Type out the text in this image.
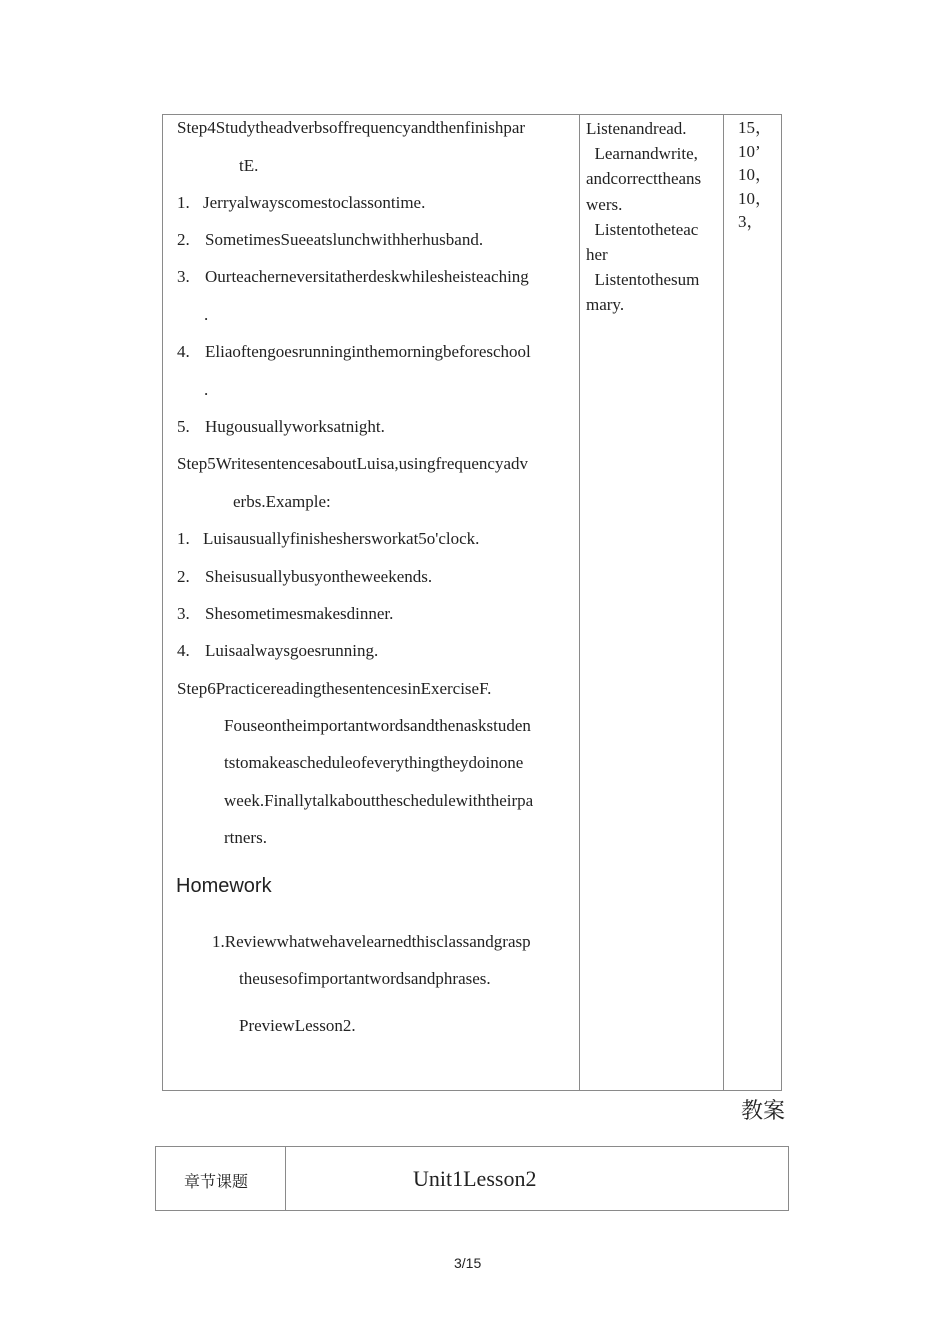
Step4Studytheadverbsoffrequencyandthenfinishpar
tE.
1. Jerryalwayscomestoclassontime.
2. SometimesSueeatslunchwithherhusband.
3. Ourteacherneversitatherdeskwhilesheisteaching
.
4. Eliaoftengoesrunninginthemorningbeforeschool
.
5. Hugousuallyworksatnight.
Step5WritesentencesaboutLuisa,usingfrequencyadv
erbs.Example:
1. Luisausuallyfinisheshersworkat5o'clock.
2. Sheisusuallybusyontheweekends.
3. Shesometimesmakesdinner.
4. Luisaalwaysgoesrunning.
Step6PracticereadingthesentencesinExerciseF.
Fouseontheimportantwordsandthenaskstuden
tstomakeascheduleofeverythingtheydoinone
week.Finallytalkabouttheschedulewiththeirpa
rtners.
Homework
1.Reviewwhatwehavelearnedthisclassandgrasp
theusesofimportantwordsandphrases.
PreviewLesson2.
Listenandread.
Learnandwrite,
andcorrecttheans
wers.
Listentotheteac
her
Listentothesum
mary.
15，
10’
10，
10，
3，
教案
章节课题	Unit1Lesson2
3/15
